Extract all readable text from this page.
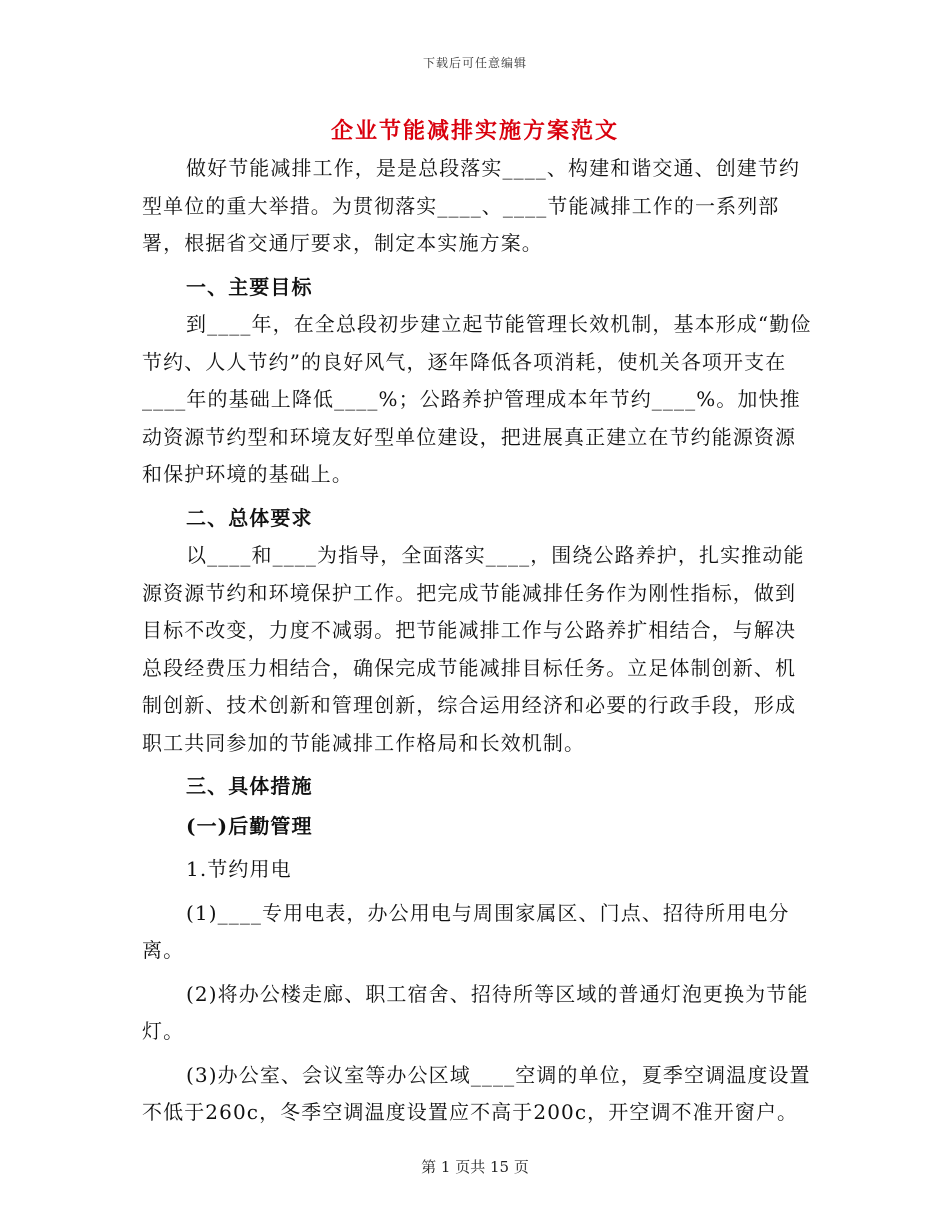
下载后可任意编辑
企业节能减排实施方案范文

做好节能减排工作，是是总段落实____、构建和谐交通、创建节约型单位的重大举措。为贯彻落实____、____节能减排工作的一系列部署，根据省交通厅要求，制定本实施方案。

一、主要目标

到____年，在全总段初步建立起节能管理长效机制，基本形成“勤俭节约、人人节约”的良好风气，逐年降低各项消耗，使机关各项开支在____年的基础上降低____%；公路养护管理成本年节约____%。加快推动资源节约型和环境友好型单位建设，把进展真正建立在节约能源资源和保护环境的基础上。

二、总体要求

以____和____为指导，全面落实____，围绕公路养护，扎实推动能源资源节约和环境保护工作。把完成节能减排任务作为刚性指标，做到目标不改变，力度不减弱。把节能减排工作与公路养扩相结合，与解决总段经费压力相结合，确保完成节能减排目标任务。立足体制创新、机制创新、技术创新和管理创新，综合运用经济和必要的行政手段，形成职工共同参加的节能减排工作格局和长效机制。

三、具体措施

(一)后勤管理

1.节约用电

(1)____专用电表，办公用电与周围家属区、门点、招待所用电分离。

(2)将办公楼走廊、职工宿舍、招待所等区域的普通灯泡更换为节能灯。

(3)办公室、会议室等办公区域____空调的单位，夏季空调温度设置不低于260c，冬季空调温度设置应不高于200c，开空调不准开窗户。

第 1 页共 15 页
